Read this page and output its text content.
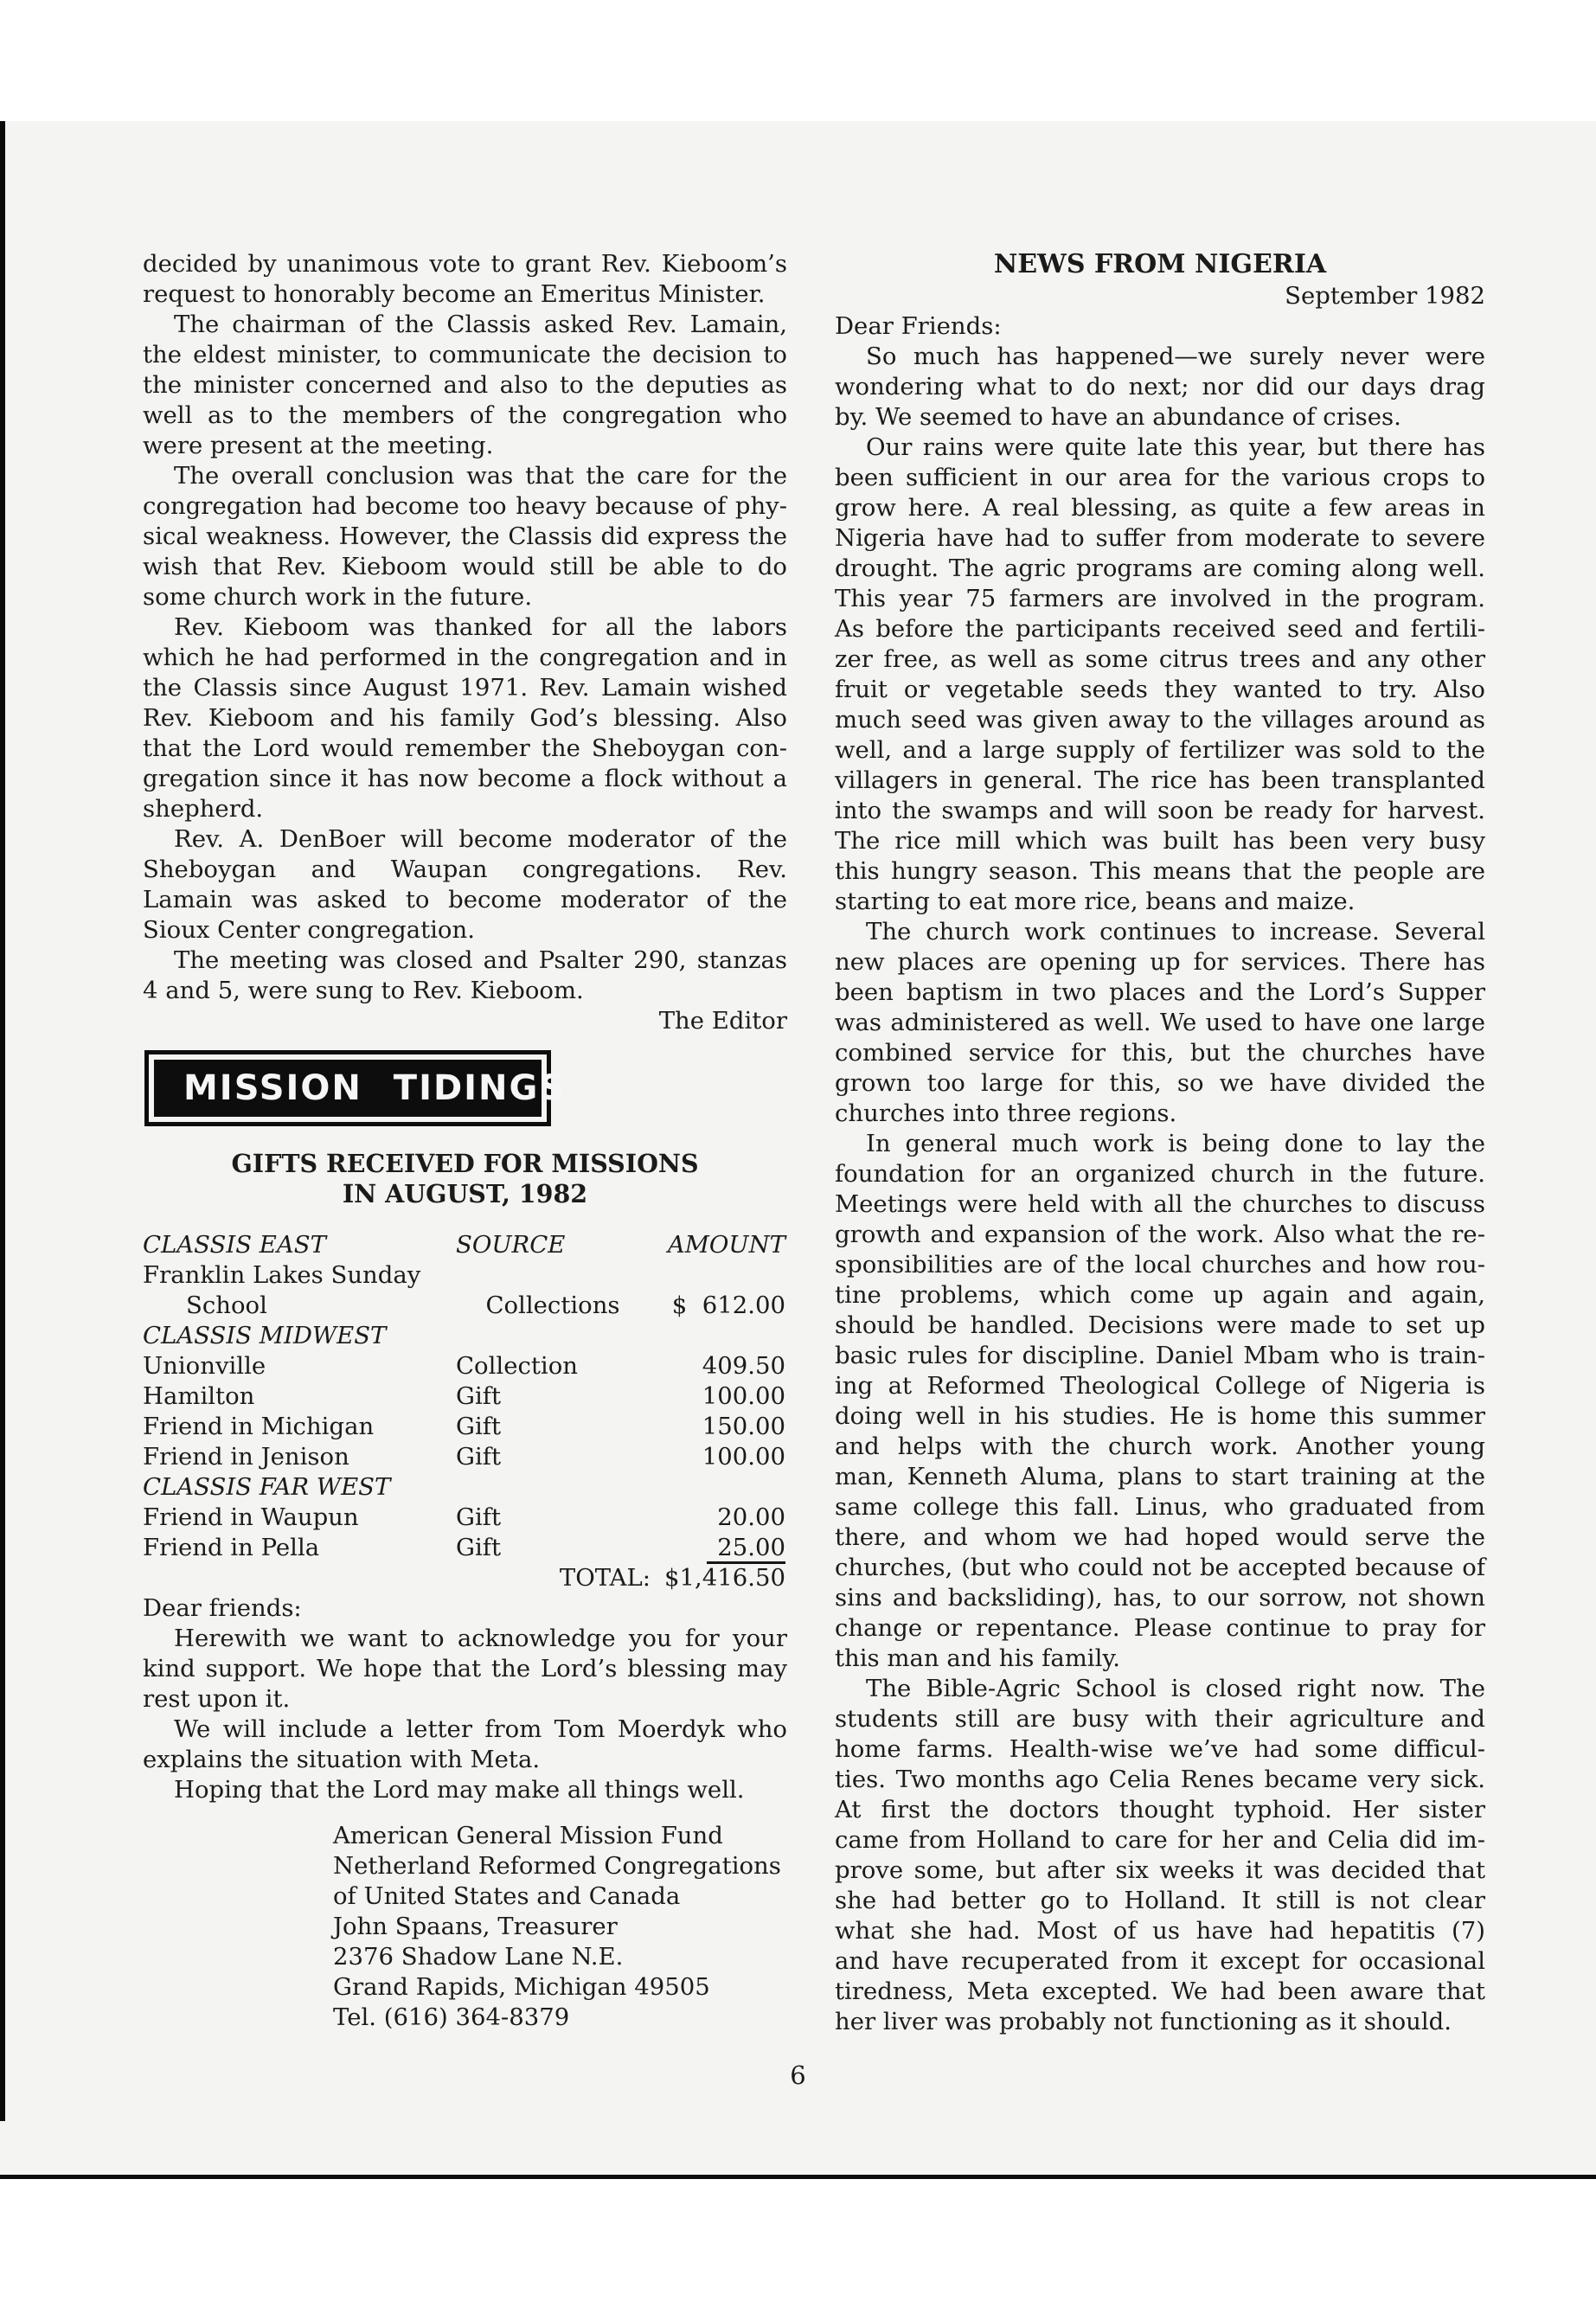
decided by unanimous vote to grant Rev. Kieboom’s
request to honorably become an Emeritus Minister.
The chairman of the Classis asked Rev. Lamain,
the eldest minister, to communicate the decision to
the minister concerned and also to the deputies as
well as to the members of the congregation who
were present at the meeting.
The overall conclusion was that the care for the
congregation had become too heavy because of phy-
sical weakness. However, the Classis did express the
wish that Rev. Kieboom would still be able to do
some church work in the future.
Rev. Kieboom was thanked for all the labors
which he had performed in the congregation and in
the Classis since August 1971. Rev. Lamain wished
Rev. Kieboom and his family God’s blessing. Also
that the Lord would remember the Sheboygan con-
gregation since it has now become a flock without a
shepherd.
Rev. A. DenBoer will become moderator of the
Sheboygan and Waupan congregations. Rev.
Lamain was asked to become moderator of the
Sioux Center congregation.
The meeting was closed and Psalter 290, stanzas
4 and 5, were sung to Rev. Kieboom.
The Editor
MISSION TIDINGS
GIFTS RECEIVED FOR MISSIONS
IN AUGUST, 1982
CLASSIS EAST	SOURCE	AMOUNT
Franklin Lakes Sunday
School	Collections	$  612.00
CLASSIS MIDWEST
Unionville	Collection	409.50
Hamilton	Gift	100.00
Friend in Michigan	Gift	150.00
Friend in Jenison	Gift	100.00
CLASSIS FAR WEST
Friend in Waupun	Gift	20.00
Friend in Pella	Gift	25.00
TOTAL: $1,416.50
Dear friends:
Herewith we want to acknowledge you for your
kind support. We hope that the Lord’s blessing may
rest upon it.
We will include a letter from Tom Moerdyk who
explains the situation with Meta.
Hoping that the Lord may make all things well.
American General Mission Fund
Netherland Reformed Congregations
of United States and Canada
John Spaans, Treasurer
2376 Shadow Lane N.E.
Grand Rapids, Michigan 49505
Tel. (616) 364-8379
NEWS FROM NIGERIA
September 1982
Dear Friends:
So much has happened—we surely never were
wondering what to do next; nor did our days drag
by. We seemed to have an abundance of crises.
Our rains were quite late this year, but there has
been sufficient in our area for the various crops to
grow here. A real blessing, as quite a few areas in
Nigeria have had to suffer from moderate to severe
drought. The agric programs are coming along well.
This year 75 farmers are involved in the program.
As before the participants received seed and fertili-
zer free, as well as some citrus trees and any other
fruit or vegetable seeds they wanted to try. Also
much seed was given away to the villages around as
well, and a large supply of fertilizer was sold to the
villagers in general. The rice has been transplanted
into the swamps and will soon be ready for harvest.
The rice mill which was built has been very busy
this hungry season. This means that the people are
starting to eat more rice, beans and maize.
The church work continues to increase. Several
new places are opening up for services. There has
been baptism in two places and the Lord’s Supper
was administered as well. We used to have one large
combined service for this, but the churches have
grown too large for this, so we have divided the
churches into three regions.
In general much work is being done to lay the
foundation for an organized church in the future.
Meetings were held with all the churches to discuss
growth and expansion of the work. Also what the re-
sponsibilities are of the local churches and how rou-
tine problems, which come up again and again,
should be handled. Decisions were made to set up
basic rules for discipline. Daniel Mbam who is train-
ing at Reformed Theological College of Nigeria is
doing well in his studies. He is home this summer
and helps with the church work. Another young
man, Kenneth Aluma, plans to start training at the
same college this fall. Linus, who graduated from
there, and whom we had hoped would serve the
churches, (but who could not be accepted because of
sins and backsliding), has, to our sorrow, not shown
change or repentance. Please continue to pray for
this man and his family.
The Bible-Agric School is closed right now. The
students still are busy with their agriculture and
home farms. Health-wise we’ve had some difficul-
ties. Two months ago Celia Renes became very sick.
At first the doctors thought typhoid. Her sister
came from Holland to care for her and Celia did im-
prove some, but after six weeks it was decided that
she had better go to Holland. It still is not clear
what she had. Most of us have had hepatitis (7)
and have recuperated from it except for occasional
tiredness, Meta excepted. We had been aware that
her liver was probably not functioning as it should.
6
